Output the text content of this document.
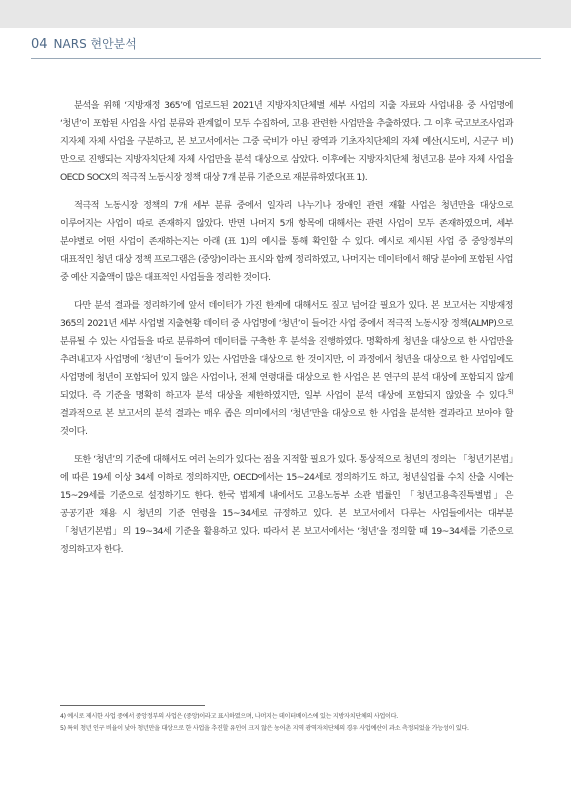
04 NARS 현안분석

분석을 위해 ‘지방재정 365’에 업로드된 2021년 지방자치단체별 세부 사업의 지출 자료와 사업내용 중 사업명에 ‘청년’이 포함된 사업을 사업 분류와 관계없이 모두 수집하여, 고용 관련한 사업만을 추출하였다. 그 이후 국고보조사업과 지자체 자체 사업을 구분하고, 본 보고서에서는 그중 국비가 아닌 광역과 기초자치단체의 자체 예산(시도비, 시군구 비)만으로 진행되는 지방자치단체 자체 사업만을 분석 대상으로 삼았다. 이후에는 지방자치단체 청년고용 분야 자체 사업을 OECD SOCX의 적극적 노동시장 정책 대상 7개 분류 기준으로 재분류하였다(표 1).

적극적 노동시장 정책의 7개 세부 분류 중에서 일자리 나누기나 장애인 관련 재활 사업은 청년만을 대상으로 이루어지는 사업이 따로 존재하지 않았다. 반면 나머지 5개 항목에 대해서는 관련 사업이 모두 존재하였으며, 세부 분야별로 어떤 사업이 존재하는지는 아래 (표 1)의 예시를 통해 확인할 수 있다. 예시로 제시된 사업 중 중앙정부의 대표적인 청년 대상 정책 프로그램은 (중앙)이라는 표시와 함께 정리하였고, 나머지는 데이터에서 해당 분야에 포함된 사업 중 예산 지출액이 많은 대표적인 사업들을 정리한 것이다.

다만 분석 결과를 정리하기에 앞서 데이터가 가진 한계에 대해서도 짚고 넘어갈 필요가 있다. 본 보고서는 지방재정 365의 2021년 세부 사업별 지출현황 데이터 중 사업명에 ‘청년’이 들어간 사업 중에서 적극적 노동시장 정책(ALMP)으로 분류될 수 있는 사업들을 따로 분류하여 데이터를 구축한 후 분석을 진행하였다. 명확하게 청년을 대상으로 한 사업만을 추려내고자 사업명에 ‘청년’이 들어가 있는 사업만을 대상으로 한 것이지만, 이 과정에서 청년을 대상으로 한 사업임에도 사업명에 청년이 포함되어 있지 않은 사업이나, 전체 연령대를 대상으로 한 사업은 본 연구의 분석 대상에 포함되지 않게 되었다. 즉 기준을 명확히 하고자 분석 대상을 제한하였지만, 일부 사업이 분석 대상에 포함되지 않았을 수 있다.$^{5)}$ 결과적으로 본 보고서의 분석 결과는 매우 좁은 의미에서의 ‘청년’만을 대상으로 한 사업을 분석한 결과라고 보아야 할 것이다.

또한 ‘청년’의 기준에 대해서도 여러 논의가 있다는 점을 지적할 필요가 있다. 통상적으로 청년의 정의는 「청년기본법」에 따른 19세 이상 34세 이하로 정의하지만, OECD에서는 15~24세로 정의하기도 하고, 청년실업률 수치 산출 시에는 15~29세를 기준으로 설정하기도 한다. 한국 법체계 내에서도 고용노동부 소관 법률인 「청년고용촉진특별법」은 공공기관 채용 시 청년의 기준 연령을 15~34세로 규정하고 있다. 본 보고서에서 다루는 사업들에서는 대부분 「청년기본법」의 19~34세 기준을 활용하고 있다. 따라서 본 보고서에서는 ‘청년’을 정의할 때 19~34세를 기준으로 정의하고자 한다.

4) 예시로 제시한 사업 중에서 중앙정부의 사업은 (중앙)이라고 표시하였으며, 나머지는 데이터베이스에 있는 지방자치단체의 사업이다.

5) 특히 청년 인구 비율이 낮아 청년만을 대상으로 한 사업을 추진할 유인이 크지 않은 농어촌 지역 광역자치단체의 경우 사업예산이 과소 측정되었을 가능성이 있다.
